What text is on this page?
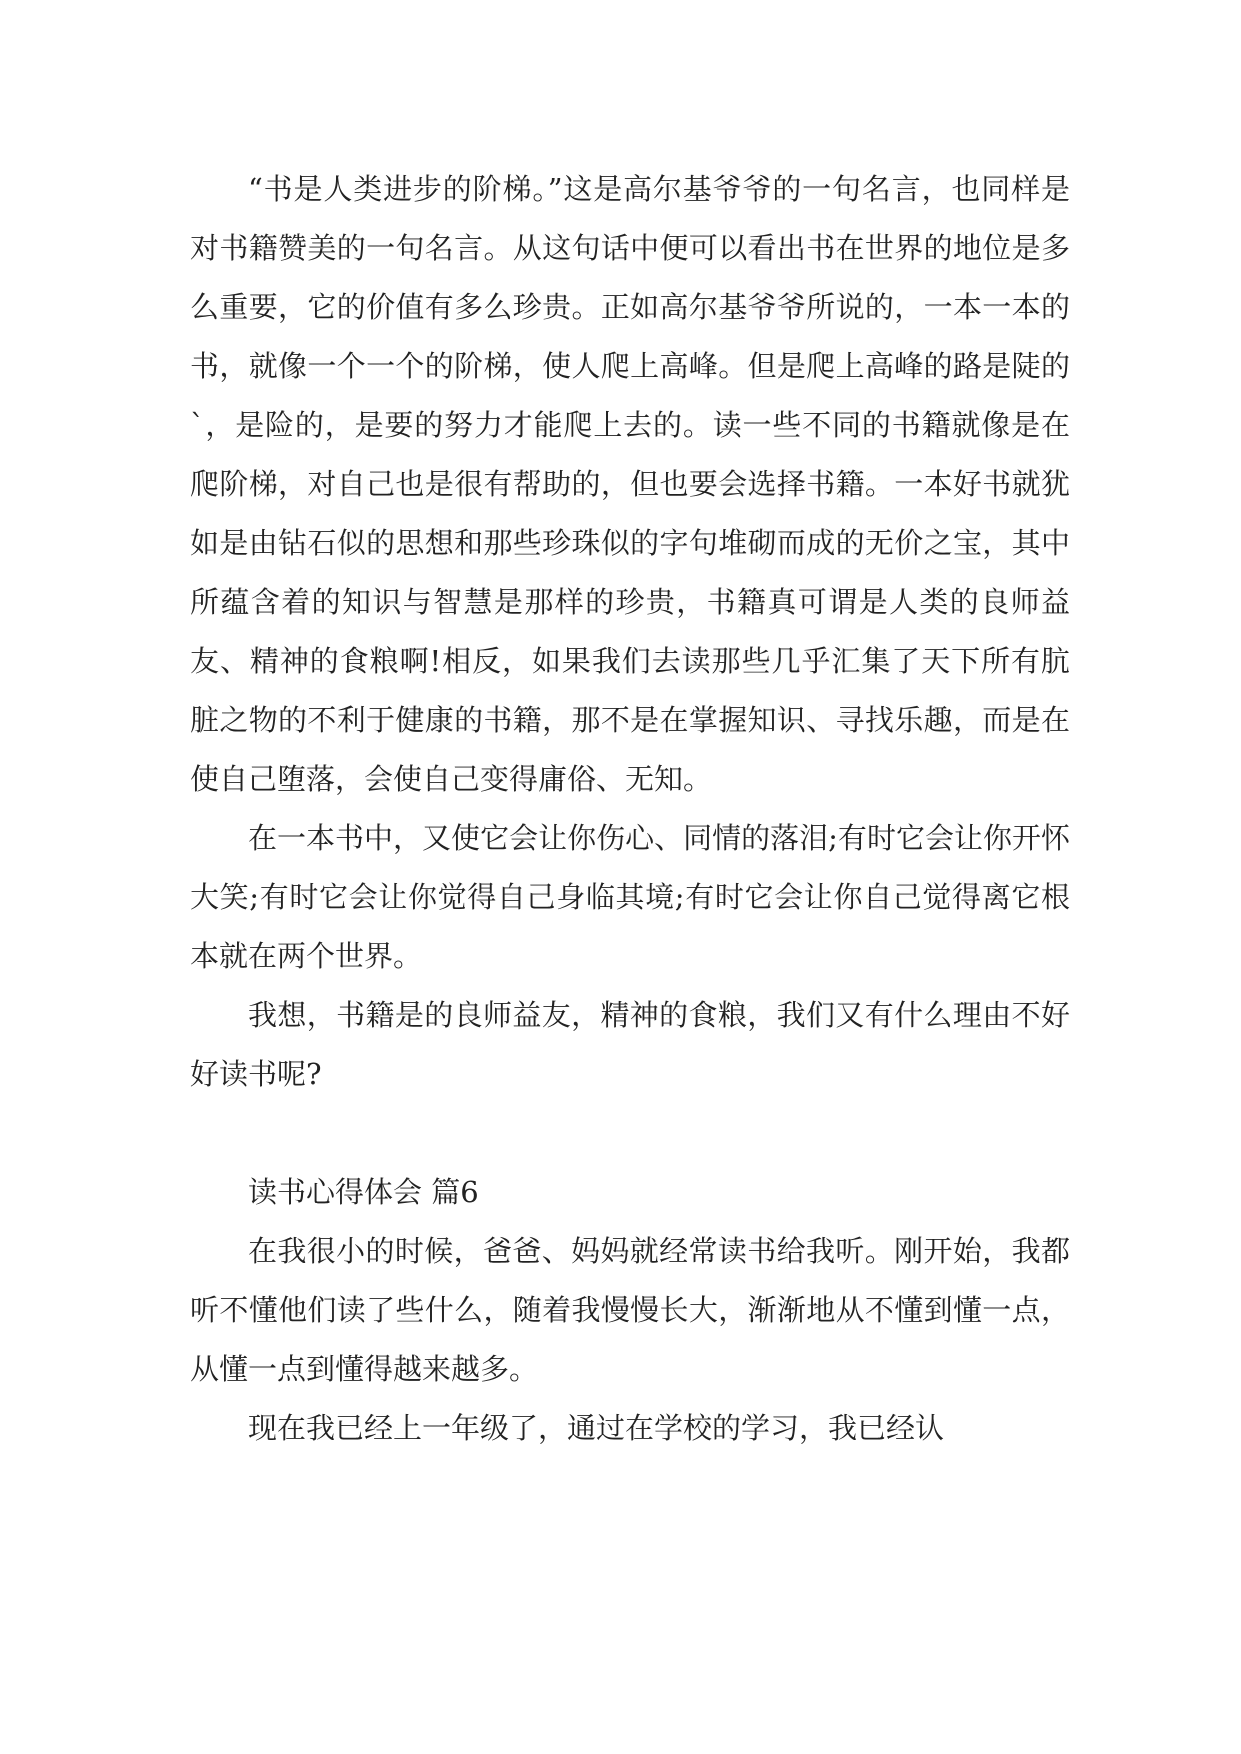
“书是人类进步的阶梯。”这是高尔基爷爷的一句名言，也同样是对书籍赞美的一句名言。从这句话中便可以看出书在世界的地位是多么重要，它的价值有多么珍贵。正如高尔基爷爷所说的，一本一本的书，就像一个一个的阶梯，使人爬上高峰。但是爬上高峰的路是陡的`，是险的，是要的努力才能爬上去的。读一些不同的书籍就像是在爬阶梯，对自己也是很有帮助的，但也要会选择书籍。一本好书就犹如是由钻石似的思想和那些珍珠似的字句堆砌而成的无价之宝，其中所蕴含着的知识与智慧是那样的珍贵，书籍真可谓是人类的良师益友、精神的食粮啊!相反，如果我们去读那些几乎汇集了天下所有肮脏之物的不利于健康的书籍，那不是在掌握知识、寻找乐趣，而是在使自己堕落，会使自己变得庸俗、无知。

在一本书中，又使它会让你伤心、同情的落泪;有时它会让你开怀大笑;有时它会让你觉得自己身临其境;有时它会让你自己觉得离它根本就在两个世界。

我想，书籍是的良师益友，精神的食粮，我们又有什么理由不好好读书呢?

读书心得体会 篇6

在我很小的时候，爸爸、妈妈就经常读书给我听。刚开始，我都听不懂他们读了些什么，随着我慢慢长大，渐渐地从不懂到懂一点，从懂一点到懂得越来越多。

现在我已经上一年级了，通过在学校的学习，我已经认
